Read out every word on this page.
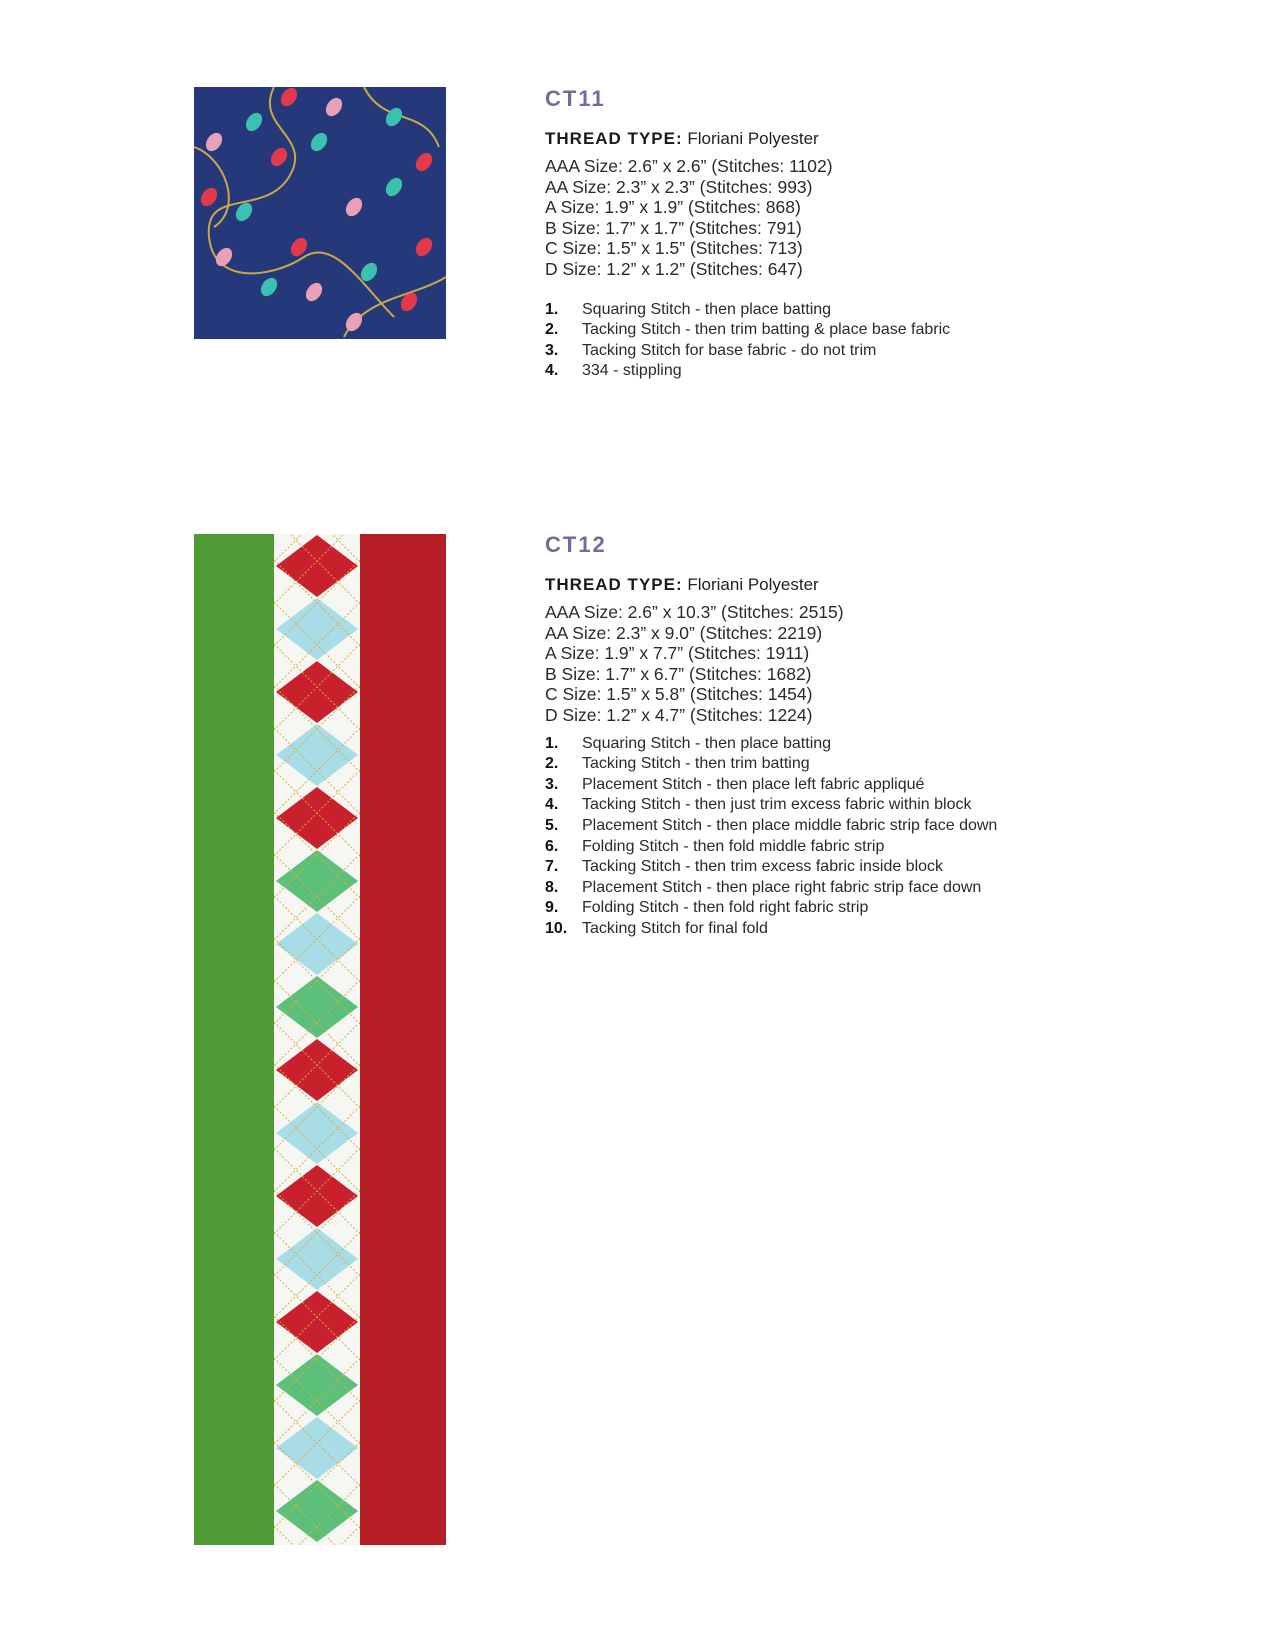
CT11
THREAD TYPE: Floriani Polyester
AAA Size: 2.6” x 2.6” (Stitches: 1102)
AA Size: 2.3” x 2.3” (Stitches: 993)
A Size: 1.9” x 1.9” (Stitches: 868)
B Size: 1.7” x 1.7” (Stitches: 791)
C Size: 1.5” x 1.5” (Stitches: 713)
D Size: 1.2” x 1.2” (Stitches: 647)
1.	Squaring Stitch - then place batting
2.	Tacking Stitch - then trim batting & place base fabric
3.	Tacking Stitch for base fabric - do not trim
4.	334 - stippling
CT12
THREAD TYPE: Floriani Polyester
AAA Size: 2.6” x 10.3” (Stitches: 2515)
AA Size: 2.3” x 9.0” (Stitches: 2219)
A Size: 1.9” x 7.7” (Stitches: 1911)
B Size: 1.7” x 6.7” (Stitches: 1682)
C Size: 1.5” x 5.8” (Stitches: 1454)
D Size: 1.2” x 4.7” (Stitches: 1224)
1.	Squaring Stitch - then place batting
2.	Tacking Stitch - then trim batting
3.	Placement Stitch - then place left fabric appliqué
4.	Tacking Stitch - then just trim excess fabric within block
5.	Placement Stitch - then place middle fabric strip face down
6.	Folding Stitch - then fold middle fabric strip
7.	Tacking Stitch - then trim excess fabric inside block
8.	Placement Stitch - then place right fabric strip face down
9.	Folding Stitch - then fold right fabric strip
10. Tacking Stitch for final fold
